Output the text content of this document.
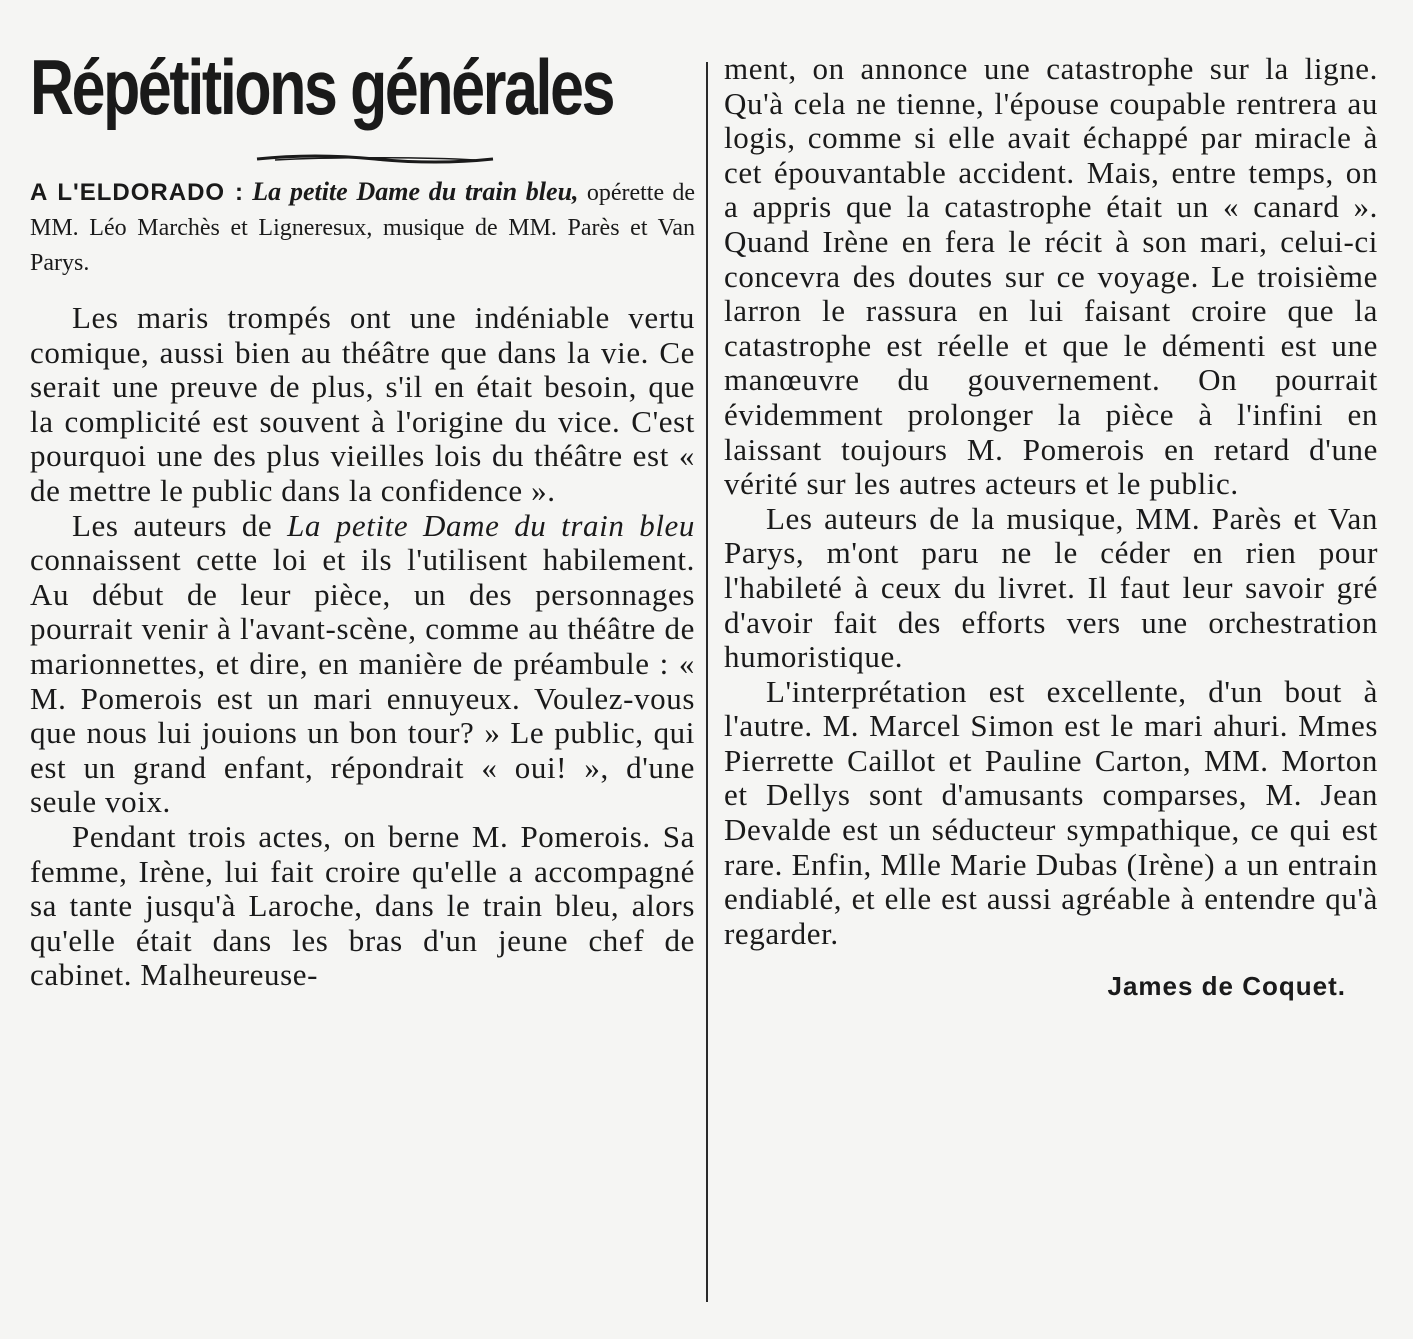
Répétitions générales

A L'ELDORADO : La petite Dame du train bleu, opérette de MM. Léo Marchès et Ligneresux, musique de MM. Parès et Van Parys.

Les maris trompés ont une indéniable vertu comique, aussi bien au théâtre que dans la vie. Ce serait une preuve de plus, s'il en était besoin, que la complicité est souvent à l'origine du vice. C'est pourquoi une des plus vieilles lois du théâtre est « de mettre le public dans la confidence ».

Les auteurs de La petite Dame du train bleu connaissent cette loi et ils l'utilisent habilement. Au début de leur pièce, un des personnages pourrait venir à l'avant-scène, comme au théâtre de marionnettes, et dire, en manière de préambule : « M. Pomerois est un mari ennuyeux. Voulez-vous que nous lui jouions un bon tour? » Le public, qui est un grand enfant, répondrait « oui! », d'une seule voix.

Pendant trois actes, on berne M. Pomerois. Sa femme, Irène, lui fait croire qu'elle a accompagné sa tante jusqu'à Laroche, dans le train bleu, alors qu'elle était dans les bras d'un jeune chef de cabinet. Malheureuse-

ment, on annonce une catastrophe sur la ligne. Qu'à cela ne tienne, l'épouse coupable rentrera au logis, comme si elle avait échappé par miracle à cet épouvantable accident. Mais, entre temps, on a appris que la catastrophe était un « canard ». Quand Irène en fera le récit à son mari, celui-ci concevra des doutes sur ce voyage. Le troisième larron le rassura en lui faisant croire que la catastrophe est réelle et que le démenti est une manœuvre du gouvernement. On pourrait évidemment prolonger la pièce à l'infini en laissant toujours M. Pomerois en retard d'une vérité sur les autres acteurs et le public.

Les auteurs de la musique, MM. Parès et Van Parys, m'ont paru ne le céder en rien pour l'habileté à ceux du livret. Il faut leur savoir gré d'avoir fait des efforts vers une orchestration humoristique.

L'interprétation est excellente, d'un bout à l'autre. M. Marcel Simon est le mari ahuri. Mmes Pierrette Caillot et Pauline Carton, MM. Morton et Dellys sont d'amusants comparses, M. Jean Devalde est un séducteur sympathique, ce qui est rare. Enfin, Mlle Marie Dubas (Irène) a un entrain endiablé, et elle est aussi agréable à entendre qu'à regarder.

James de Coquet.
